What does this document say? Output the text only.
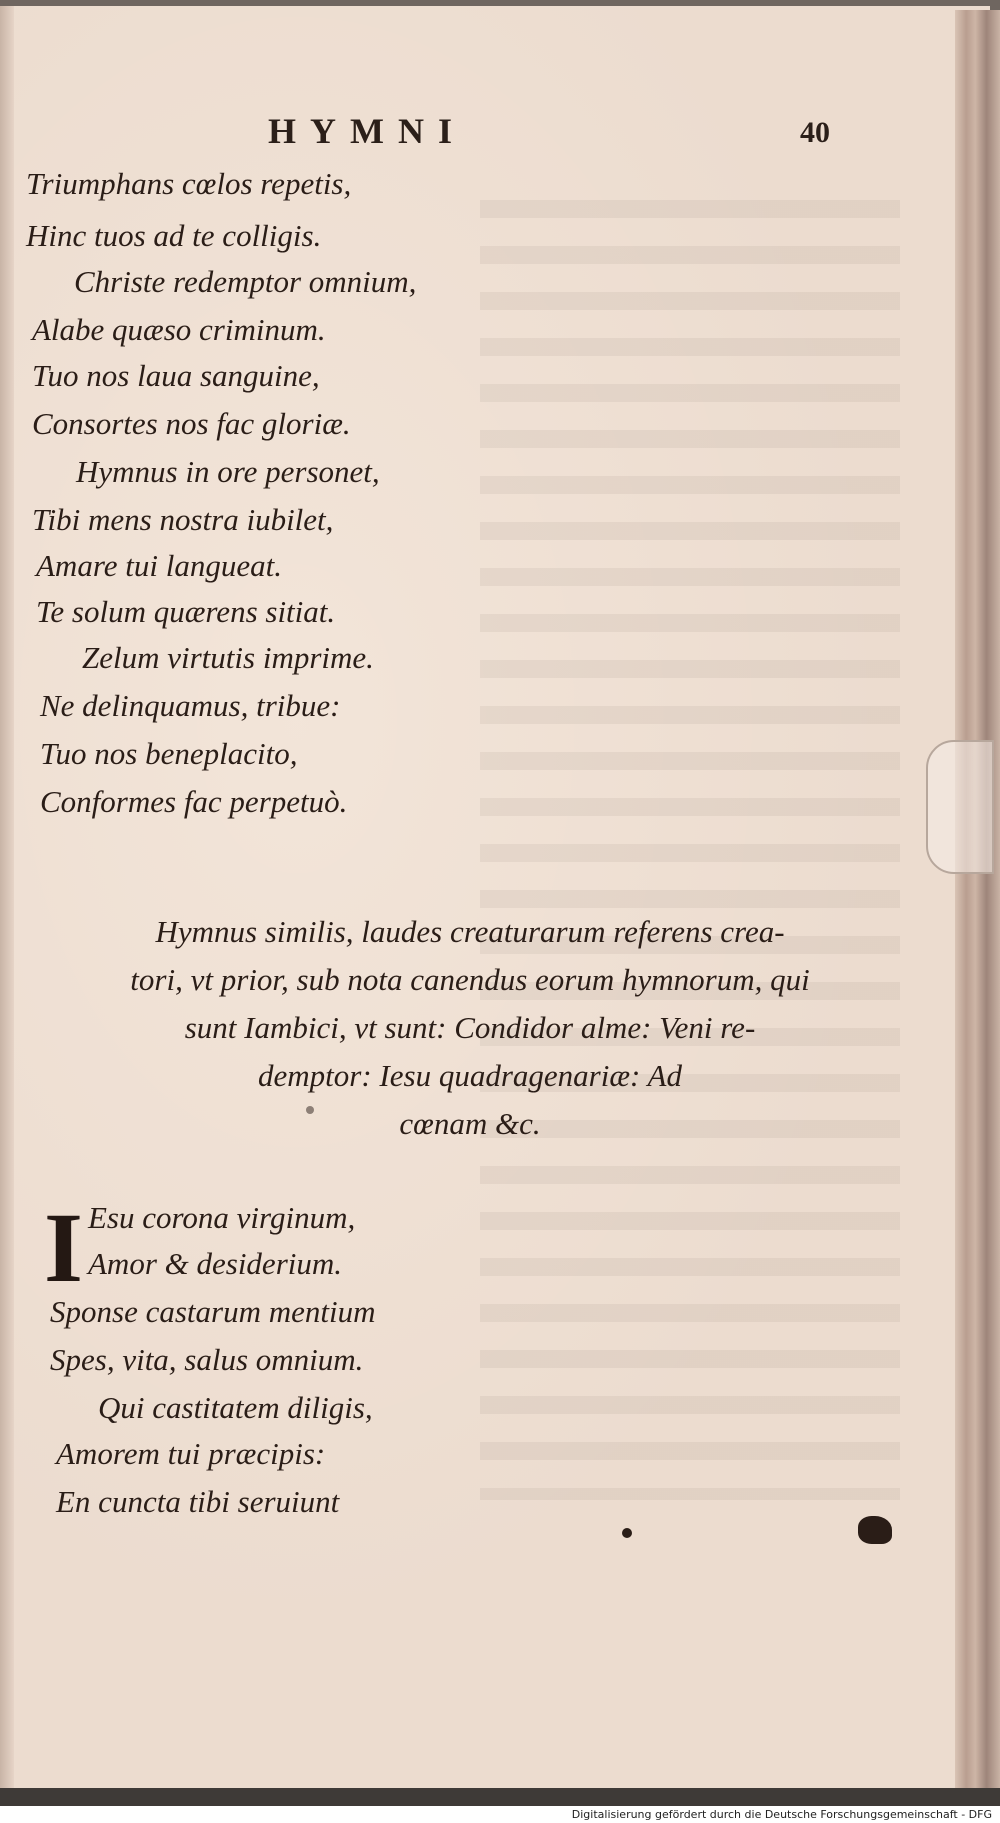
HYMNI	40
Triumphans cœlos repetis,
Hinc tuos ad te colligis.
Christe redemptor omnium,
Alabe quæso criminum.
Tuo nos laua sanguine,
Consortes nos fac gloriæ.
Hymnus in ore personet,
Tibi mens nostra iubilet,
Amare tui langueat.
Te solum quærens sitiat.
Zelum virtutis imprime.
Ne delinquamus, tribue:
Tuo nos beneplacito,
Conformes fac perpetuò.
Hymnus similis, laudes creaturarum referens crea-
tori, vt prior, sub nota canendus eorum hymnorum, qui
sunt Iambici, vt sunt: Condidor alme: Veni re-
demptor: Iesu quadragenariæ: Ad
cœnam &c.
I Esu corona virginum,
Amor & desiderium.
Sponse castarum mentium
Spes, vita, salus omnium.
Qui castitatem diligis,
Amorem tui præcipis:
En cuncta tibi seruiunt
Digitalisierung gefördert durch die Deutsche Forschungsgemeinschaft - DFG
